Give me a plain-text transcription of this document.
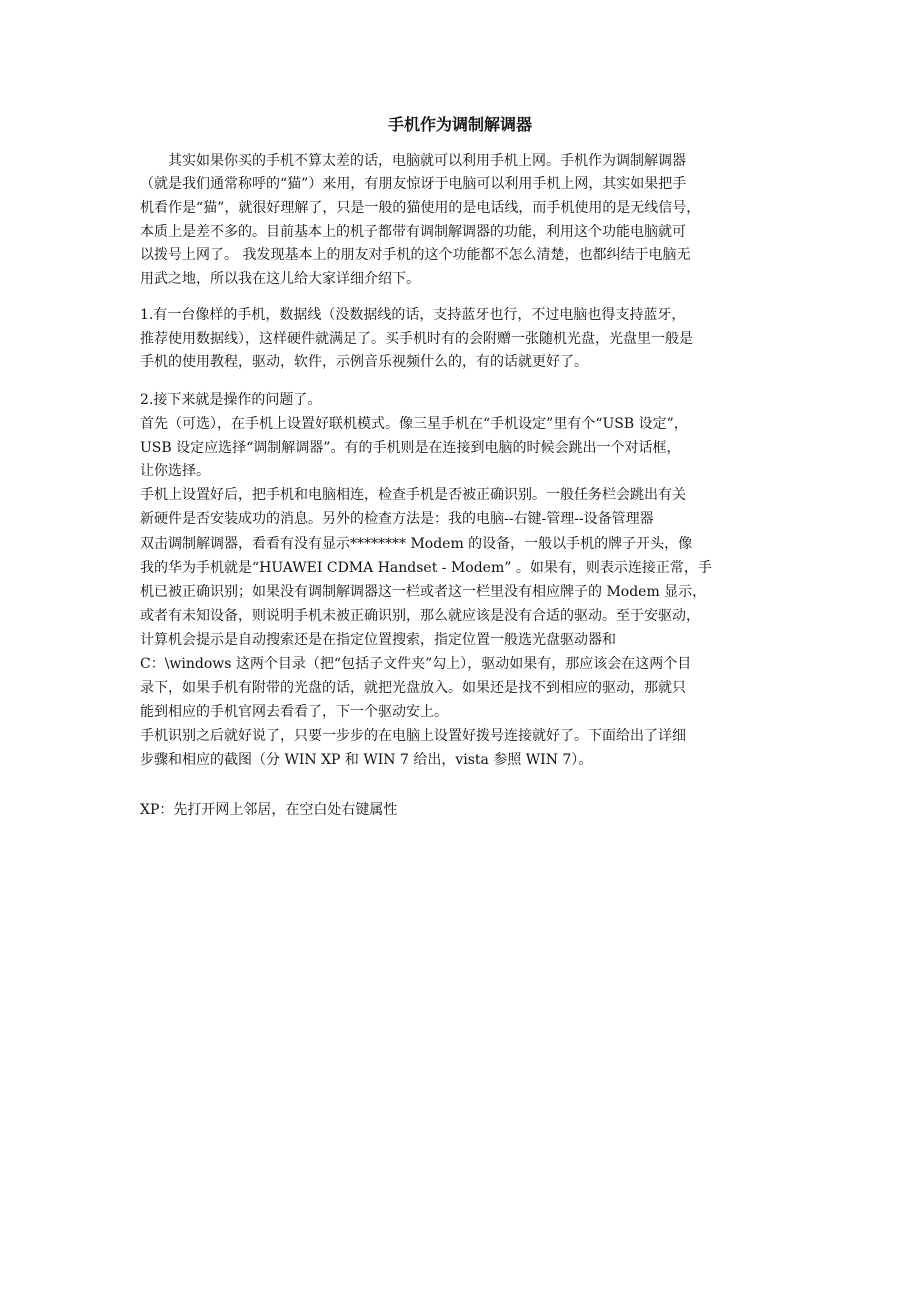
手机作为调制解调器
其实如果你买的手机不算太差的话，电脑就可以利用手机上网。手机作为调制解调器
（就是我们通常称呼的“猫”）来用，有朋友惊讶于电脑可以利用手机上网，其实如果把手
机看作是“猫”，就很好理解了，只是一般的猫使用的是电话线，而手机使用的是无线信号，
本质上是差不多的。目前基本上的机子都带有调制解调器的功能，利用这个功能电脑就可
以拨号上网了。 我发现基本上的朋友对手机的这个功能都不怎么清楚，也都纠结于电脑无
用武之地，所以我在这儿给大家详细介绍下。
1.有一台像样的手机，数据线（没数据线的话，支持蓝牙也行，不过电脑也得支持蓝牙，
推荐使用数据线），这样硬件就满足了。买手机时有的会附赠一张随机光盘，光盘里一般是
手机的使用教程，驱动，软件，示例音乐视频什么的，有的话就更好了。
2.接下来就是操作的问题了。
首先（可选），在手机上设置好联机模式。像三星手机在“手机设定”里有个“USB 设定”，
USB 设定应选择“调制解调器”。有的手机则是在连接到电脑的时候会跳出一个对话框，
让你选择。
手机上设置好后，把手机和电脑相连，检查手机是否被正确识别。一般任务栏会跳出有关
新硬件是否安装成功的消息。另外的检查方法是：我的电脑--右键-管理--设备管理器
双击调制解调器，看看有没有显示******** Modem 的设备，一般以手机的牌子开头，像
我的华为手机就是“HUAWEI CDMA Handset - Modem” 。如果有，则表示连接正常，手
机已被正确识别；如果没有调制解调器这一栏或者这一栏里没有相应牌子的 Modem 显示，
或者有未知设备，则说明手机未被正确识别，那么就应该是没有合适的驱动。至于安驱动，
计算机会提示是自动搜索还是在指定位置搜索，指定位置一般选光盘驱动器和
C：\windows 这两个目录（把“包括子文件夹”勾上），驱动如果有，那应该会在这两个目
录下，如果手机有附带的光盘的话，就把光盘放入。如果还是找不到相应的驱动，那就只
能到相应的手机官网去看看了，下一个驱动安上。
手机识别之后就好说了，只要一步步的在电脑上设置好拨号连接就好了。下面给出了详细
步骤和相应的截图（分 WIN XP 和 WIN 7 给出，vista 参照 WIN 7）。
XP：先打开网上邻居，在空白处右键属性
